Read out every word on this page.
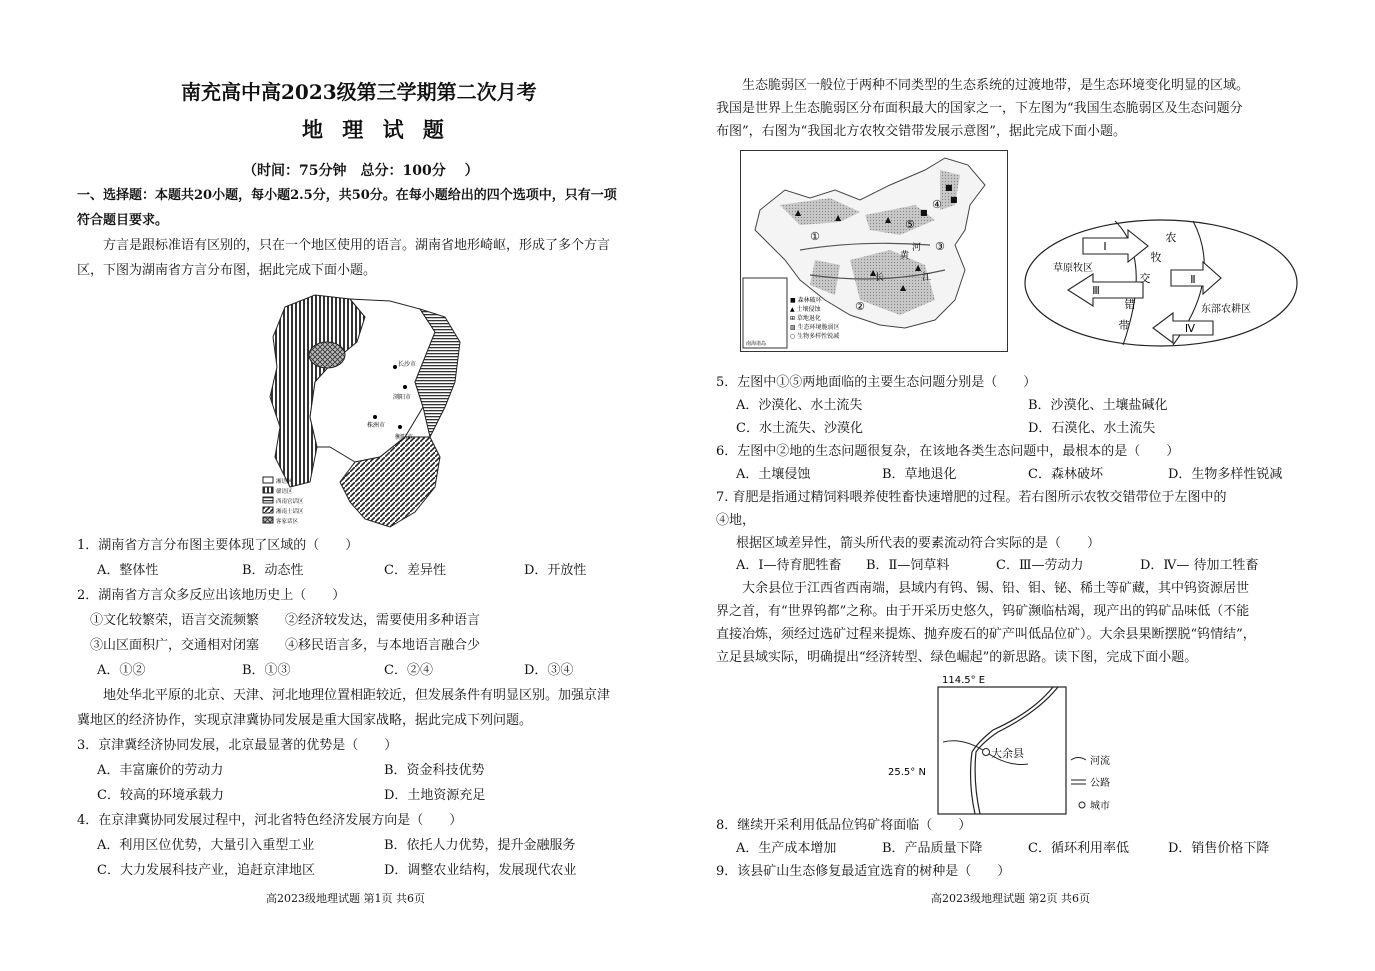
南充高中高2023级第三学期第二次月考
地 理 试 题
（时间：75分钟　总分：100分　 ）
一、选择题：本题共20小题，每小题2.5分，共50分。在每小题给出的四个选项中，只有一项
符合题目要求。
方言是跟标准语有区别的，只在一个地区使用的语言。湖南省地形崎岖，形成了多个方言
区，下图为湖南省方言分布图，据此完成下面小题。
长沙市
浏阳市
株洲市
衡阳市
湘语区
赣语区
西南官话区
湘南土话区
客家话区
1．湖南省方言分布图主要体现了区域的（　　）
A．整体性	B．动态性	C．差异性	D．开放性
2．湖南省方言众多反应出该地历史上（　　）
①文化较繁荣，语言交流频繁　　②经济较发达，需要使用多种语言
③山区面积广，交通相对闭塞　　④移民语言多，与本地语言融合少
A．①②	B．①③	C．②④	D．③④
地处华北平原的北京、天津、河北地理位置相距较近，但发展条件有明显区别。加强京津
冀地区的经济协作，实现京津冀协同发展是重大国家战略，据此完成下列问题。
3．京津冀经济协同发展，北京最显著的优势是（　　）
A．丰富廉价的劳动力	B．资金科技优势
C．较高的环境承载力	D．土地资源充足
4．在京津冀协同发展过程中，河北省特色经济发展方向是（　　）
A．利用区位优势，大量引入重型工业	B．依托人力优势，提升金融服务
C．大力发展科技产业，追赶京津地区	D．调整农业结构，发展现代农业
高2023级地理试题 第1页 共6页
生态脆弱区一般位于两种不同类型的生态系统的过渡地带，是生态环境变化明显的区域。
我国是世界上生态脆弱区分布面积最大的国家之一，下左图为“我国生态脆弱区及生态问题分
布图”，右图为“我国北方农牧交错带发展示意图”，据此完成下面小题。
▲
▲	▲
▲
▲
▲
■
■
■
①
②
③
④
⑤
黄
河
长	江
南海诸岛
■ 森林破坏
▲ 土壤侵蚀
⊞ 草地退化
▨ 生态环境脆弱区
○ 生物多样性锐减
Ⅰ
Ⅱ
Ⅲ
Ⅳ
农
牧
交
错
带
草原牧区
东部农耕区
5．左图中①⑤两地面临的主要生态问题分别是（　　）
A．沙漠化、水土流失	B．沙漠化、土壤盐碱化
C．水土流失、沙漠化	D．石漠化、水土流失
6．左图中②地的生态问题很复杂，在该地各类生态问题中，最根本的是（　　）
A．土壤侵蚀	B．草地退化	C．森林破坏	D．生物多样性锐减
7. 育肥是指通过精饲料喂养使牲畜快速增肥的过程。若右图所示农牧交错带位于左图中的
④地，
根据区域差异性，箭头所代表的要素流动符合实际的是（　　）
A．Ⅰ—待育肥牲畜 B．Ⅱ—饲草料	C．Ⅲ—劳动力	D．Ⅳ— 待加工牲畜
大余县位于江西省西南端，县域内有钨、锡、铅、钼、铋、稀土等矿藏，其中钨资源居世
界之首，有“世界钨都”之称。由于开采历史悠久，钨矿濒临枯竭，现产出的钨矿品味低（不能
直接冶炼，须经过选矿过程来提炼、抛弃废石的矿产叫低品位矿）。大余县果断摆脱“钨情结”，
立足县域实际，明确提出“经济转型、绿色崛起”的新思路。读下图，完成下面小题。
114.5° E
25.5° N
大余县
河流
公路
城市
8．继续开采利用低品位钨矿将面临（　　）
A．生产成本增加	B．产品质量下降	C．循环利用率低	D．销售价格下降
9．该县矿山生态修复最适宜选育的树种是（　　）
高2023级地理试题 第2页 共6页
